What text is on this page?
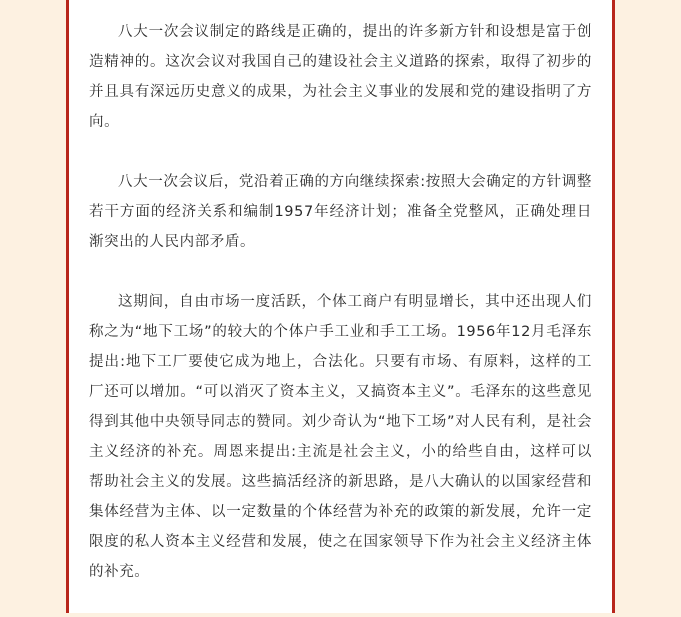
八大一次会议制定的路线是正确的，提出的许多新方针和设想是富于创造精神的。这次会议对我国自己的建设社会主义道路的探索，取得了初步的并且具有深远历史意义的成果，为社会主义事业的发展和党的建设指明了方向。

八大一次会议后，党沿着正确的方向继续探索:按照大会确定的方针调整若干方面的经济关系和编制1957年经济计划；准备全党整风，正确处理日渐突出的人民内部矛盾。

这期间，自由市场一度活跃，个体工商户有明显增长，其中还出现人们称之为“地下工场”的较大的个体户手工业和手工工场。1956年12月毛泽东提出:地下工厂要使它成为地上，合法化。只要有市场、有原料，这样的工厂还可以增加。“可以消灭了资本主义，又搞资本主义”。毛泽东的这些意见得到其他中央领导同志的赞同。刘少奇认为“地下工场”对人民有利，是社会主义经济的补充。周恩来提出:主流是社会主义，小的给些自由，这样可以帮助社会主义的发展。这些搞活经济的新思路，是八大确认的以国家经营和集体经营为主体、以一定数量的个体经营为补充的政策的新发展，允许一定限度的私人资本主义经营和发展，使之在国家领导下作为社会主义经济主体的补充。
